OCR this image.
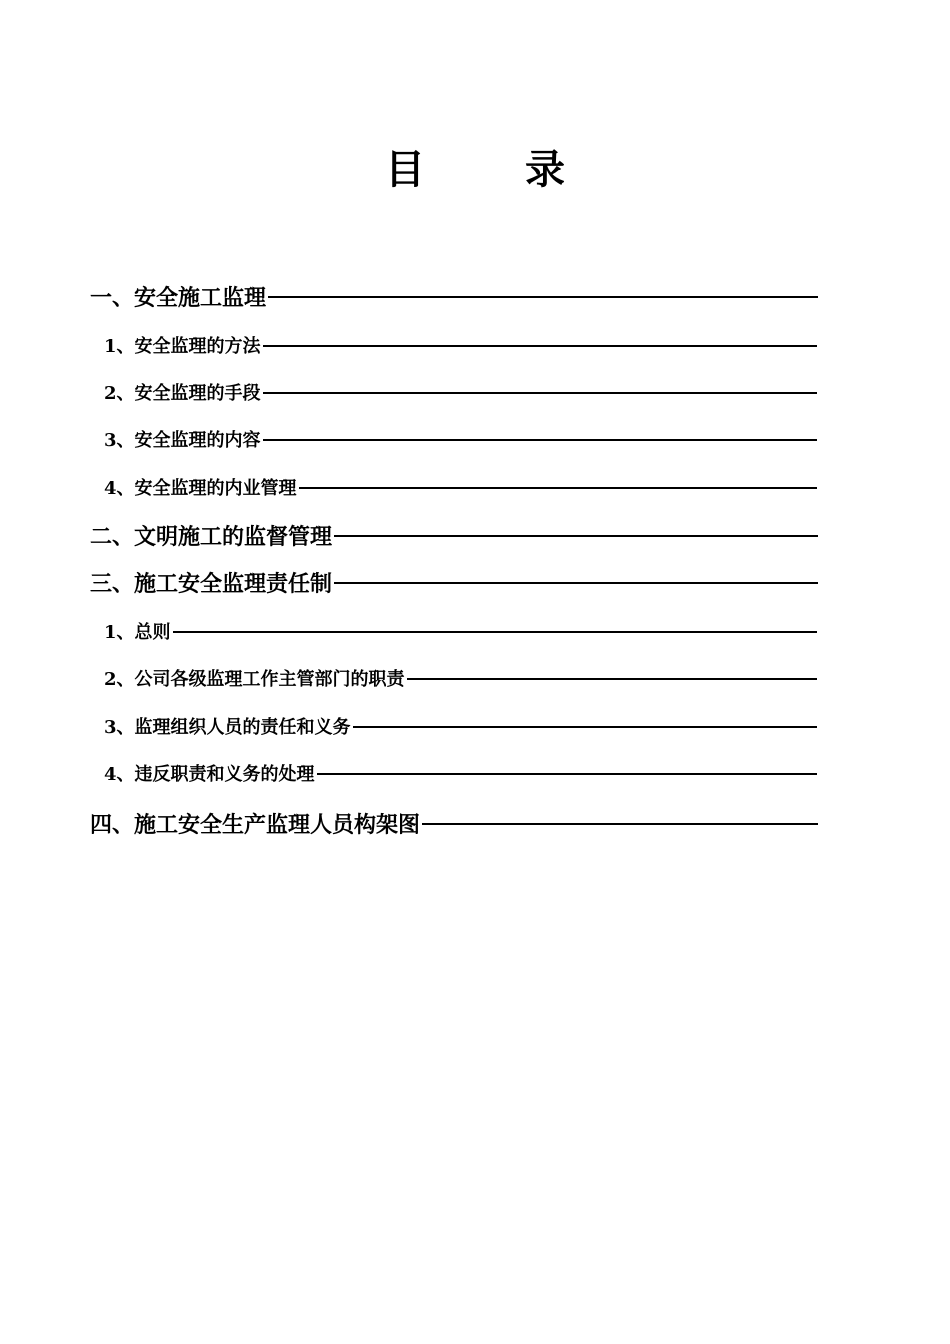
目	录
一、安全施工监理
1、安全监理的方法
2、安全监理的手段
3、安全监理的内容
4、安全监理的内业管理
二、文明施工的监督管理
三、施工安全监理责任制
1、总则
2、公司各级监理工作主管部门的职责
3、监理组织人员的责任和义务
4、违反职责和义务的处理
四、施工安全生产监理人员构架图
